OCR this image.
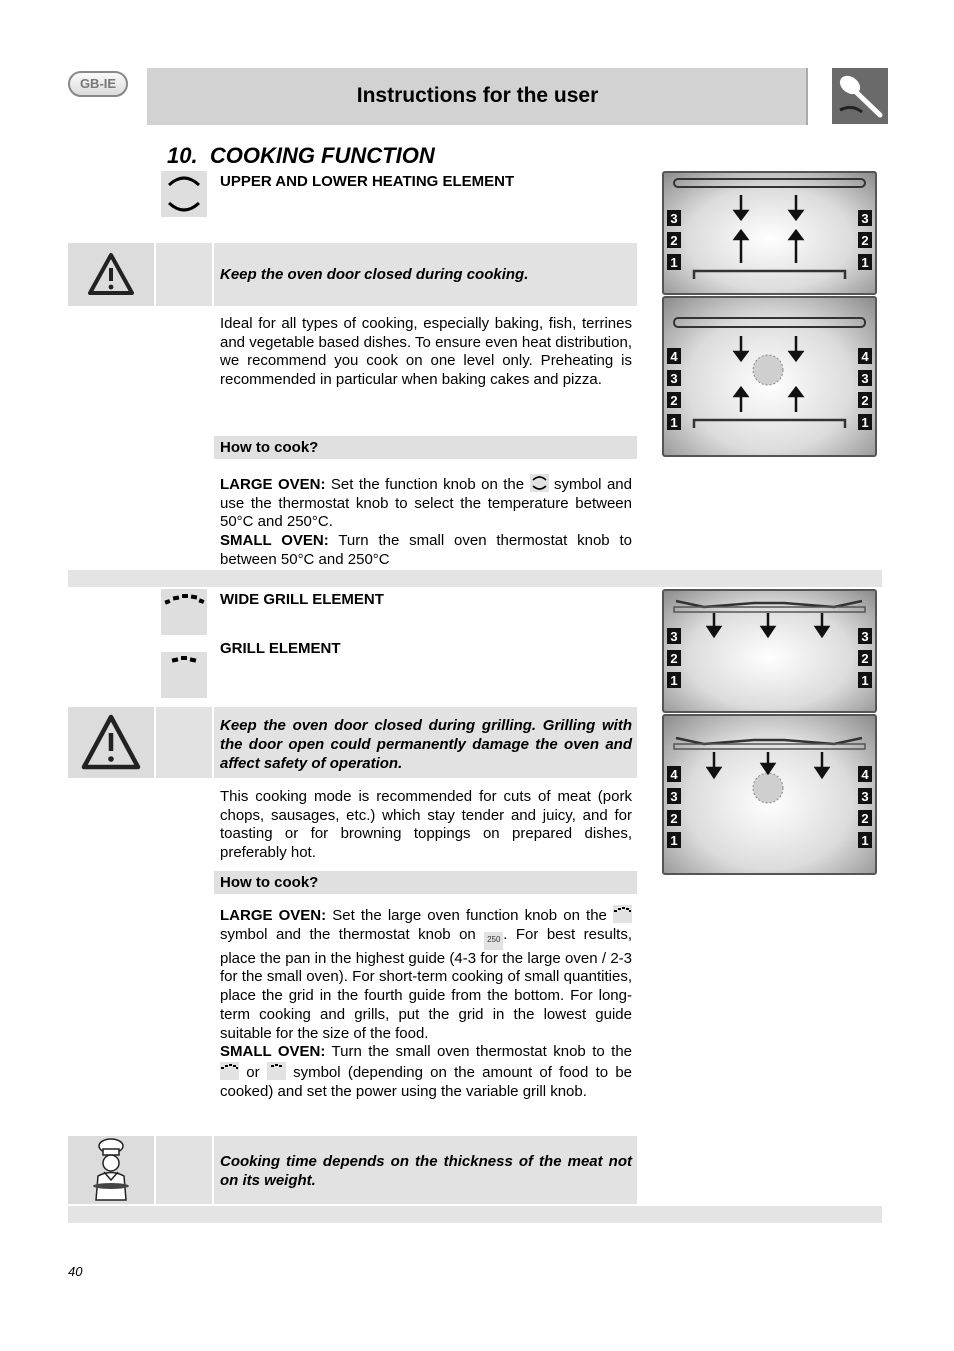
GB-IE
Instructions for the user
10. COOKING FUNCTION
UPPER AND LOWER HEATING ELEMENT
Keep the oven door closed during cooking.
Ideal for all types of cooking, especially baking, fish, terrines and vegetable based dishes. To ensure even heat distribution, we recommend you cook on one level only. Preheating is recommended in particular when baking cakes and pizza.
How to cook?
LARGE OVEN: Set the function knob on the symbol and use the thermostat knob to select the temperature between 50°C and 250°C.
SMALL OVEN: Turn the small oven thermostat knob to between 50°C and 250°C
3
2
1
3
2
1
4
3
2
1
4
3
2
1
WIDE GRILL ELEMENT
GRILL ELEMENT
Keep the oven door closed during grilling. Grilling with the door open could permanently damage the oven and affect safety of operation.
This cooking mode is recommended for cuts of meat (pork chops, sausages, etc.) which stay tender and juicy, and for toasting or for browning toppings on prepared dishes, preferably hot.
How to cook?
LARGE OVEN: Set the large oven function knob on the  symbol and the thermostat knob on 250 . For best results, place the pan in the highest guide (4-3 for the large oven / 2-3 for the small oven). For short-term cooking of small quantities, place the grid in the fourth guide from the bottom. For long-term cooking and grills, put the grid in the lowest guide suitable for the size of the food.
SMALL OVEN: Turn the small oven thermostat knob to the  or symbol (depending on the amount of food to be cooked) and set the power using the variable grill knob.
3
2
1
3
2
1
4
3
2
1
4
3
2
1
Cooking time depends on the thickness of the meat not on its weight.
40
